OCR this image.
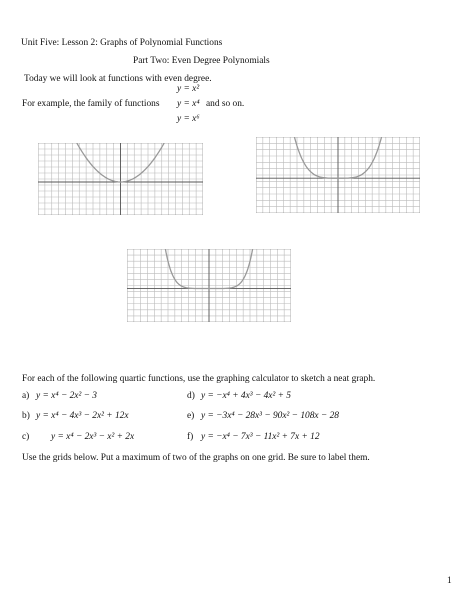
Unit Five: Lesson 2: Graphs of Polynomial Functions
Part Two: Even Degree Polynomials
Today we will look at functions with even degree.
y = x²
For example, the family of functions y = x⁴ and so on.
y = x⁶
For each of the following quartic functions, use the graphing calculator to sketch a neat graph.
a) y = x⁴ − 2x² − 3	d) y = −x⁴ + 4x³ − 4x² + 5
b) y = x⁴ − 4x³ − 2x² + 12x	e) y = −3x⁴ − 28x³ − 90x² − 108x − 28
c) y = x⁴ − 2x³ − x² + 2x	f) y = −x⁴ − 7x³ − 11x² + 7x + 12
Use the grids below. Put a maximum of two of the graphs on one grid. Be sure to label them.
1
